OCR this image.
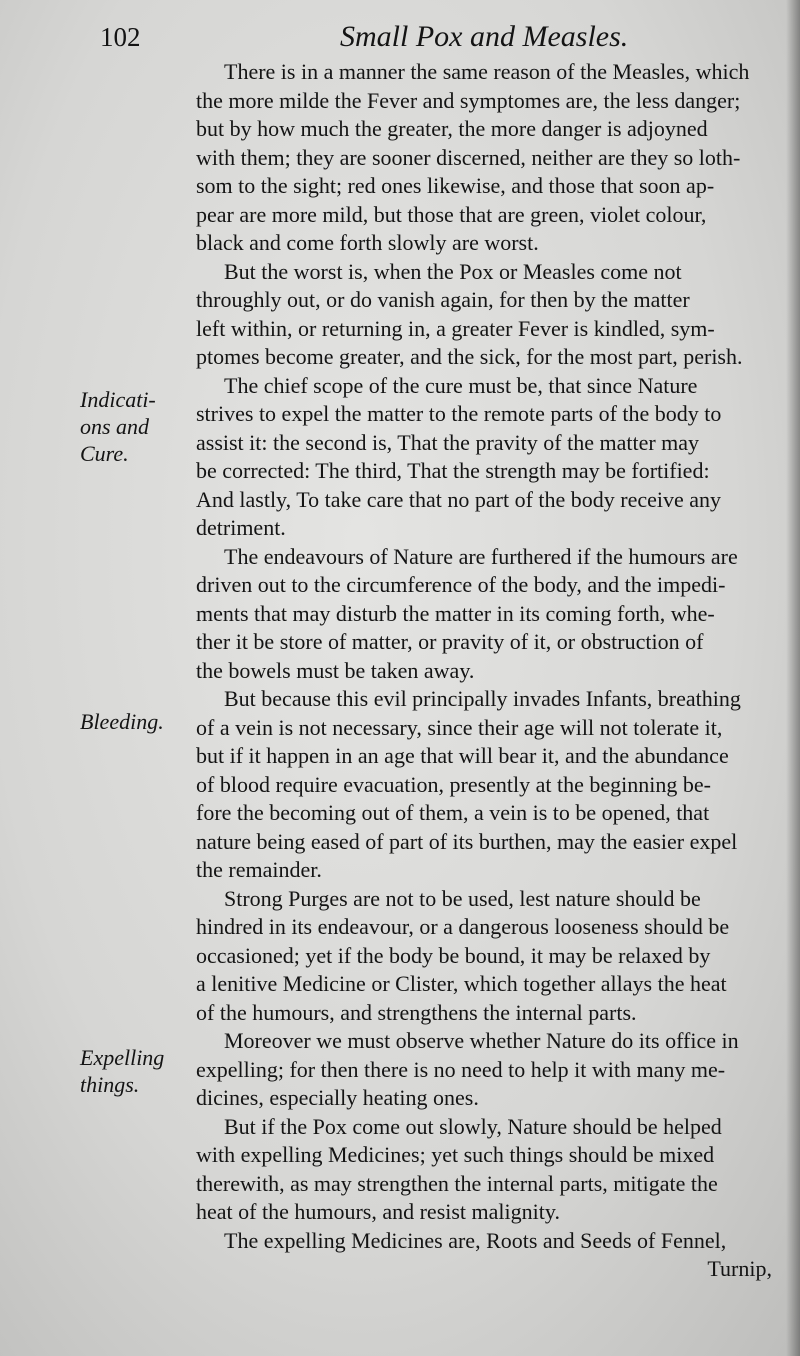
102	Small Pox and Measles.
Indicati-
ons and
Cure.
Bleeding.
Expelling
things.
There is in a manner the same reason of the Measles, which
the more milde the Fever and symptomes are, the less danger;
but by how much the greater, the more danger is adjoyned
with them; they are sooner discerned, neither are they so loth-
som to the sight; red ones likewise, and those that soon ap-
pear are more mild, but those that are green, violet colour,
black and come forth slowly are worst.
But the worst is, when the Pox or Measles come not
throughly out, or do vanish again, for then by the matter
left within, or returning in, a greater Fever is kindled, sym-
ptomes become greater, and the sick, for the most part, perish.
The chief scope of the cure must be, that since Nature
strives to expel the matter to the remote parts of the body to
assist it: the second is, That the pravity of the matter may
be corrected: The third, That the strength may be fortified:
And lastly, To take care that no part of the body receive any
detriment.
The endeavours of Nature are furthered if the humours are
driven out to the circumference of the body, and the impedi-
ments that may disturb the matter in its coming forth, whe-
ther it be store of matter, or pravity of it, or obstruction of
the bowels must be taken away.
But because this evil principally invades Infants, breathing
of a vein is not necessary, since their age will not tolerate it,
but if it happen in an age that will bear it, and the abundance
of blood require evacuation, presently at the beginning be-
fore the becoming out of them, a vein is to be opened, that
nature being eased of part of its burthen, may the easier expel
the remainder.
Strong Purges are not to be used, lest nature should be
hindred in its endeavour, or a dangerous looseness should be
occasioned; yet if the body be bound, it may be relaxed by
a lenitive Medicine or Clister, which together allays the heat
of the humours, and strengthens the internal parts.
Moreover we must observe whether Nature do its office in
expelling; for then there is no need to help it with many me-
dicines, especially heating ones.
But if the Pox come out slowly, Nature should be helped
with expelling Medicines; yet such things should be mixed
therewith, as may strengthen the internal parts, mitigate the
heat of the humours, and resist malignity.
The expelling Medicines are, Roots and Seeds of Fennel,
Turnip,
